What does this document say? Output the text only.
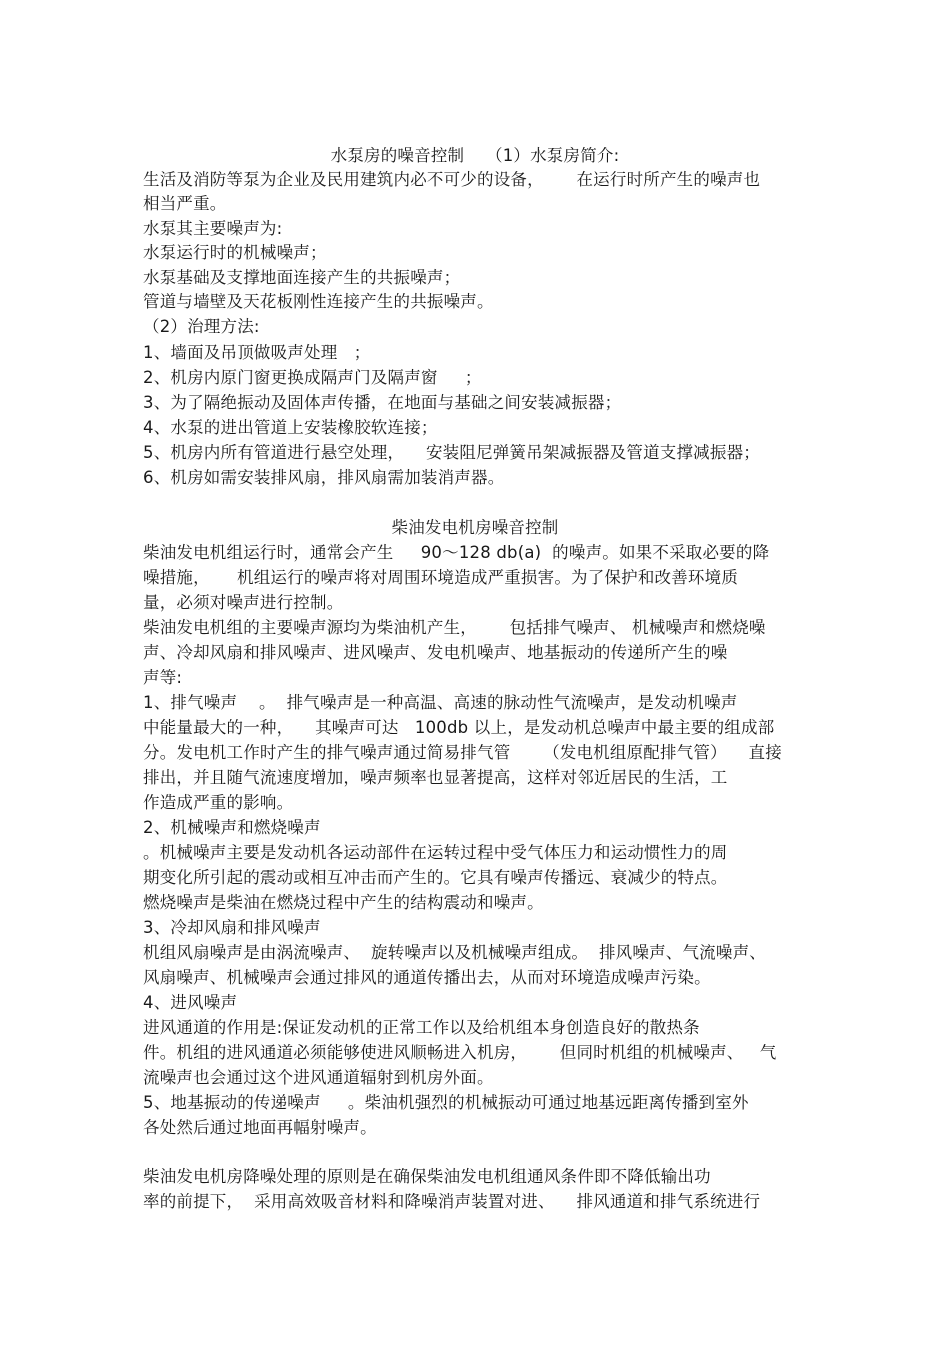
水泵房的噪音控制    （1）水泵房简介:
生活及消防等泵为企业及民用建筑内必不可少的设备，      在运行时所产生的噪声也
相当严重。
水泵其主要噪声为:
水泵运行时的机械噪声；
水泵基础及支撑地面连接产生的共振噪声；
管道与墙壁及天花板刚性连接产生的共振噪声。
（2）治理方法:
1、墙面及吊顶做吸声处理   ；
2、机房内原门窗更换成隔声门及隔声窗     ；
3、为了隔绝振动及固体声传播，在地面与基础之间安装减振器；
4、水泵的进出管道上安装橡胶软连接；
5、机房内所有管道进行悬空处理，    安装阻尼弹簧吊架减振器及管道支撑减振器；
6、机房如需安装排风扇，排风扇需加装消声器。
柴油发电机房噪音控制
柴油发电机组运行时，通常会产生     90～128 db(a)  的噪声。如果不采取必要的降
噪措施，     机组运行的噪声将对周围环境造成严重损害。为了保护和改善环境质
量，必须对噪声进行控制。
柴油发电机组的主要噪声源均为柴油机产生，      包括排气噪声、 机械噪声和燃烧噪
声、冷却风扇和排风噪声、进风噪声、发电机噪声、地基振动的传递所产生的噪
声等:
1、排气噪声    。  排气噪声是一种高温、高速的脉动性气流噪声，是发动机噪声
中能量最大的一种，    其噪声可达   100db 以上，是发动机总噪声中最主要的组成部
分。发电机工作时产生的排气噪声通过简易排气管      （发电机组原配排气管）    直接
排出，并且随气流速度增加，噪声频率也显著提高，这样对邻近居民的生活，工
作造成严重的影响。
2、机械噪声和燃烧噪声
。机械噪声主要是发动机各运动部件在运转过程中受气体压力和运动惯性力的周
期变化所引起的震动或相互冲击而产生的。它具有噪声传播远、衰减少的特点。
燃烧噪声是柴油在燃烧过程中产生的结构震动和噪声。
3、冷却风扇和排风噪声
机组风扇噪声是由涡流噪声、  旋转噪声以及机械噪声组成。  排风噪声、气流噪声、
风扇噪声、机械噪声会通过排风的通道传播出去，从而对环境造成噪声污染。
4、进风噪声
进风通道的作用是:保证发动机的正常工作以及给机组本身创造良好的散热条
件。机组的进风通道必须能够使进风顺畅进入机房，      但同时机组的机械噪声、   气
流噪声也会通过这个进风通道辐射到机房外面。
5、地基振动的传递噪声     。柴油机强烈的机械振动可通过地基远距离传播到室外
各处然后通过地面再幅射噪声。
柴油发电机房降噪处理的原则是在确保柴油发电机组通风条件即不降低输出功
率的前提下，  采用高效吸音材料和降噪消声装置对进、    排风通道和排气系统进行
